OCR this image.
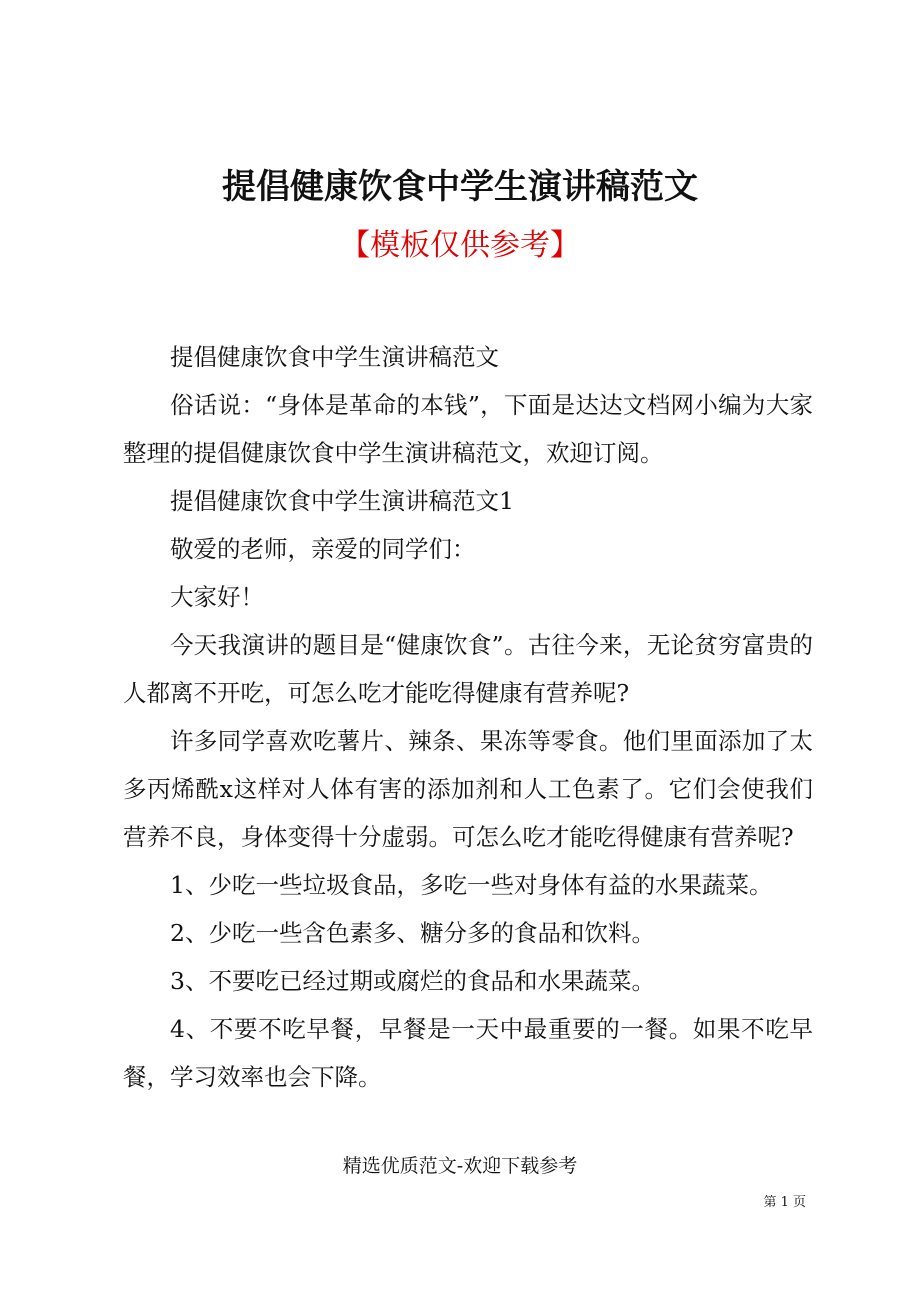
提倡健康饮食中学生演讲稿范文
【模板仅供参考】

提倡健康饮食中学生演讲稿范文

俗话说：“身体是革命的本钱”，下面是达达文档网小编为大家整理的提倡健康饮食中学生演讲稿范文，欢迎订阅。

提倡健康饮食中学生演讲稿范文1

敬爱的老师，亲爱的同学们：

大家好！

今天我演讲的题目是“健康饮食”。古往今来，无论贫穷富贵的人都离不开吃，可怎么吃才能吃得健康有营养呢?

许多同学喜欢吃薯片、辣条、果冻等零食。他们里面添加了太多丙烯酰x这样对人体有害的添加剂和人工色素了。它们会使我们营养不良，身体变得十分虚弱。可怎么吃才能吃得健康有营养呢?

1、少吃一些垃圾食品，多吃一些对身体有益的水果蔬菜。

2、少吃一些含色素多、糖分多的食品和饮料。

3、不要吃已经过期或腐烂的食品和水果蔬菜。

4、不要不吃早餐，早餐是一天中最重要的一餐。如果不吃早餐，学习效率也会下降。

精选优质范文-欢迎下载参考
第 1 页
